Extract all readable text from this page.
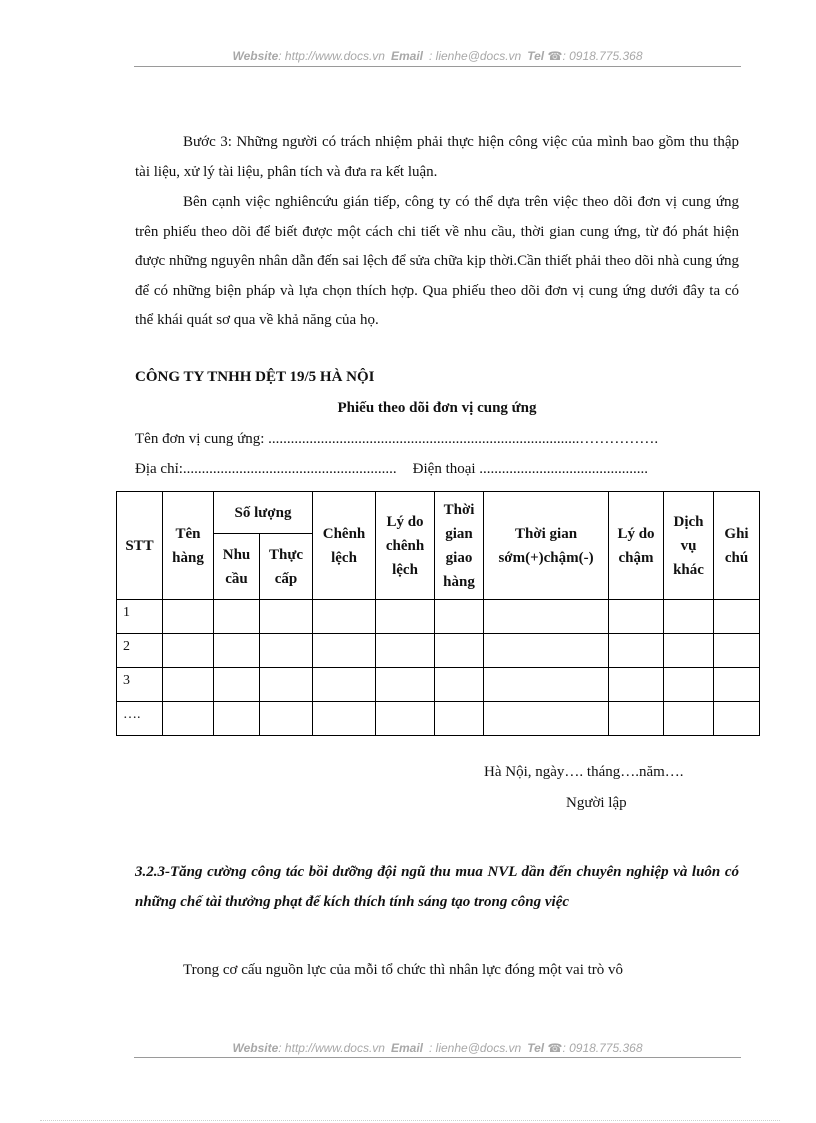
Website: http://www.docs.vn Email : lienhe@docs.vn Tel ☎: 0918.775.368

Bước 3: Những người có trách nhiệm phải thực hiện công việc của mình bao gồm thu thập tài liệu, xử lý tài liệu, phân tích và đưa ra kết luận.

Bên cạnh việc nghiêncứu gián tiếp, công ty có thể dựa trên việc theo dõi đơn vị cung ứng trên phiếu theo dõi để biết được một cách chi tiết về nhu cầu, thời gian cung ứng, từ đó phát hiện được những nguyên nhân dẫn đến sai lệch để sửa chữa kịp thời.Cần thiết phải theo dõi nhà cung ứng để có những biện pháp và lựa chọn thích hợp. Qua phiếu theo dõi đơn vị cung ứng dưới đây ta có thể khái quát sơ qua về khả năng của họ.

CÔNG TY TNHH DỆT 19/5 HÀ NỘI
Phiếu theo dõi đơn vị cung ứng
Tên đơn vị cung ứng: ...................................................................................…………….
Địa chỉ:......................................................... Điện thoại .............................................
STT	Tên hàng	Số lượng		Chênh lệch	Lý do chênh lệch	Thời gian giao hàng	Thời gian sớm(+)chậm(-)	Lý do chậm	Dịch vụ khác	Ghi chú
		Nhu cầu	Thực cấp							
1										
2										
3										
….										
Hà Nội, ngày…. tháng….năm….
Người lập

3.2.3-Tăng cường công tác bồi dưỡng đội ngũ thu mua NVL dần đến chuyên nghiệp và luôn có những chế tài thưởng phạt để kích thích tính sáng tạo trong công việc

Trong cơ cấu nguồn lực của mỗi tổ chức thì nhân lực đóng một vai trò vô

Website: http://www.docs.vn Email : lienhe@docs.vn Tel ☎: 0918.775.368
